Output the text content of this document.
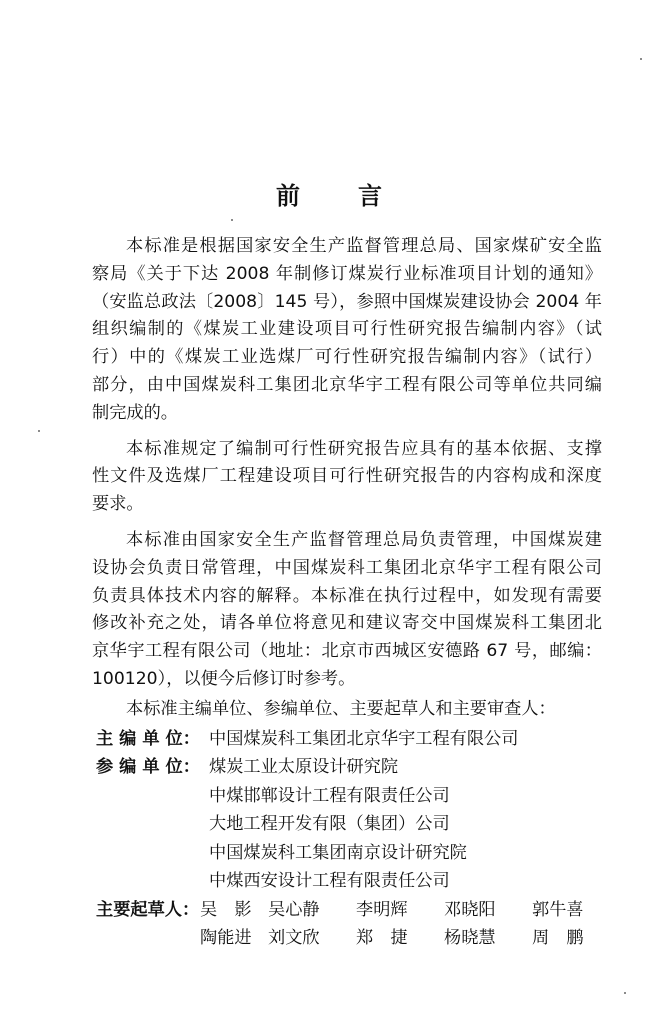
前 言
本标准是根据国家安全生产监督管理总局、国家煤矿安全监
察局《关于下达 2008 年制修订煤炭行业标准项目计划的通知》
（安监总政法〔2008〕145 号），参照中国煤炭建设协会 2004 年
组织编制的《煤炭工业建设项目可行性研究报告编制内容》（试
行）中的《煤炭工业选煤厂可行性研究报告编制内容》（试行）
部分，由中国煤炭科工集团北京华宇工程有限公司等单位共同编
制完成的。
本标准规定了编制可行性研究报告应具有的基本依据、支撑
性文件及选煤厂工程建设项目可行性研究报告的内容构成和深度
要求。
本标准由国家安全生产监督管理总局负责管理，中国煤炭建
设协会负责日常管理，中国煤炭科工集团北京华宇工程有限公司
负责具体技术内容的解释。本标准在执行过程中，如发现有需要
修改补充之处，请各单位将意见和建议寄交中国煤炭科工集团北
京华宇工程有限公司（地址：北京市西城区安德路 67 号，邮编：
100120），以便今后修订时参考。
本标准主编单位、参编单位、主要起草人和主要审查人：
主 编 单 位： 中国煤炭科工集团北京华宇工程有限公司
参 编 单 位： 煤炭工业太原设计研究院
中煤邯郸设计工程有限责任公司
大地工程开发有限（集团）公司
中国煤炭科工集团南京设计研究院
中煤西安设计工程有限责任公司
主要起草人： 吴　影 吴心静	李明辉	邓晓阳	郭牛喜
陶能进 刘文欣	郑　捷	杨晓慧	周　鹏
